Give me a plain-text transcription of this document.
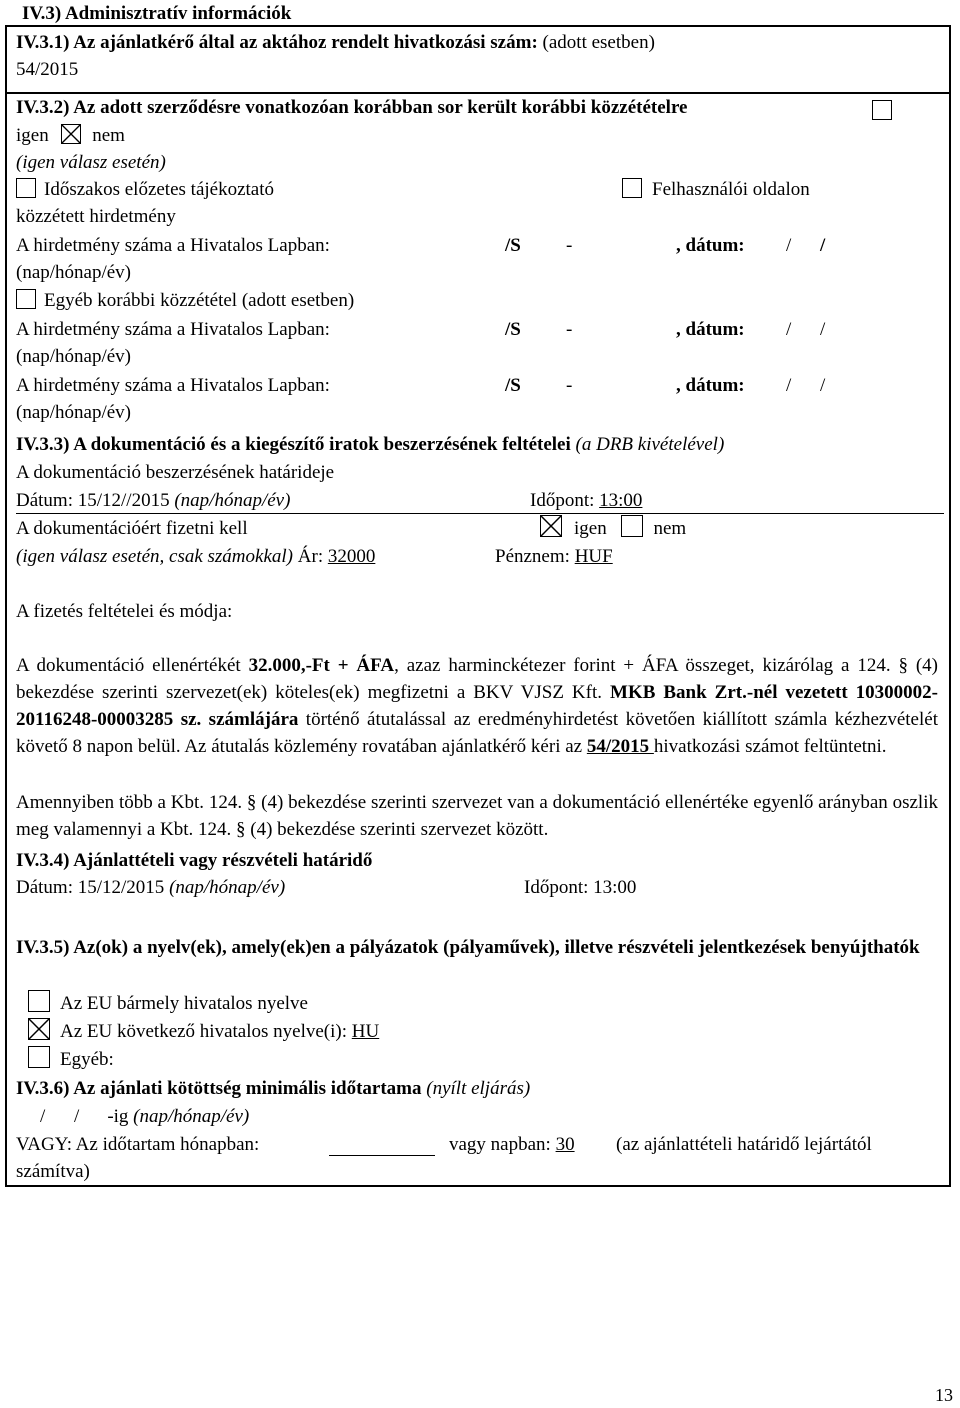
IV.3) Adminisztratív információk
IV.3.1) Az ajánlatkérő által az aktához rendelt hivatkozási szám: (adott esetben)
54/2015
IV.3.2) Az adott szerződésre vonatkozóan korábban sor került korábbi közzétételre
igen nem
(igen válasz esetén)
Időszakos előzetes tájékoztató	Felhasználói oldalon
közzétett hirdetmény
A hirdetmény száma a Hivatalos Lapban:	/S -	, dátum: / /
(nap/hónap/év)
Egyéb korábbi közzététel (adott esetben)
A hirdetmény száma a Hivatalos Lapban:	/S -	, dátum: / /
(nap/hónap/év)
A hirdetmény száma a Hivatalos Lapban:	/S -	, dátum: / /
(nap/hónap/év)
IV.3.3) A dokumentáció és a kiegészítő iratok beszerzésének feltételei (a DRB kivételével)
A dokumentáció beszerzésének határideje
Dátum: 15/12//2015 (nap/hónap/év)	Időpont: 13:00
A dokumentációért fizetni kell	igen nem
(igen válasz esetén, csak számokkal) Ár: 32000	Pénznem: HUF
A fizetés feltételei és módja:
A dokumentáció ellenértékét 32.000,-Ft + ÁFA, azaz harminckétezer forint + ÁFA összeget, kizárólag a 124. § (4) bekezdése szerinti szervezet(ek) köteles(ek) megfizetni a BKV VJSZ Kft. MKB Bank Zrt.-nél vezetett 10300002-20116248-00003285 sz. számlájára történő átutalással az eredményhirdetést követően kiállított számla kézhezvételét követő 8 napon belül. Az átutalás közlemény rovatában ajánlatkérő kéri az 54/2015 hivatkozási számot feltüntetni.
Amennyiben több a Kbt. 124. § (4) bekezdése szerinti szervezet van a dokumentáció ellenértéke egyenlő arányban oszlik meg valamennyi a Kbt. 124. § (4) bekezdése szerinti szervezet között.
IV.3.4) Ajánlattételi vagy részvételi határidő
Dátum: 15/12/2015 (nap/hónap/év)	Időpont: 13:00
IV.3.5) Az(ok) a nyelv(ek), amely(ek)en a pályázatok (pályaművek), illetve részvételi jelentkezések benyújthatók
Az EU bármely hivatalos nyelve
Az EU következő hivatalos nyelve(i): HU
Egyéb:
IV.3.6) Az ajánlati kötöttség minimális időtartama (nyílt eljárás)
/ / -ig (nap/hónap/év)
VAGY: Az időtartam hónapban:	vagy napban: 30	(az ajánlattételi határidő lejártától számítva)
13
